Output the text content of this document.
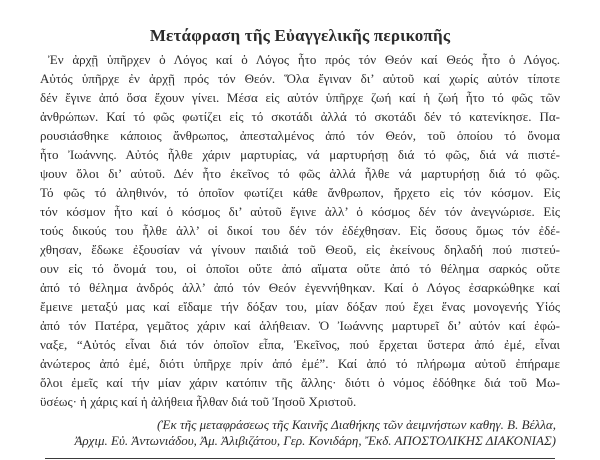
Μετάφραση τῆς Εὐαγγελικῆς περικοπῆς
Ἐν ἀρχῇ ὑπῆρχεν ὁ Λόγος καί ὁ Λόγος ἦτο πρός τόν Θεόν καί Θεός ἦτο ὁ Λόγος.
Αὐτός ὑπῆρχε ἐν ἀρχῇ πρός τόν Θεόν. Ὅλα ἔγιναν δι’ αὐτοῦ καί χωρίς αὐτόν τίποτε
δέν ἔγινε ἀπό ὅσα ἔχουν γίνει. Μέσα εἰς αὐτόν ὑπῆρχε ζωή καί ἡ ζωή ἦτο τό φῶς τῶν
ἀνθρώπων. Καί τό φῶς φωτίζει εἰς τό σκοτάδι ἀλλά τό σκοτάδι δέν τό κατενίκησε. Πα-
ρουσιάσθηκε κάποιος ἄνθρωπος, ἀπεσταλμένος ἀπό τόν Θεόν, τοῦ ὁποίου τό ὄνομα
ἦτο Ἰωάννης. Αὐτός ἦλθε χάριν μαρτυρίας, νά μαρτυρήσῃ διά τό φῶς, διά νά πιστέ-
ψουν ὅλοι δι’ αὐτοῦ. Δέν ἦτο ἐκεῖνος τό φῶς ἀλλά ἦλθε νά μαρτυρήσῃ διά τό φῶς.
Τό φῶς τό ἀληθινόν, τό ὁποῖον φωτίζει κάθε ἄνθρωπον, ἤρχετο εἰς τόν κόσμον. Εἰς
τόν κόσμον ἦτο καί ὁ κόσμος δι’ αὐτοῦ ἔγινε ἀλλ’ ὁ κόσμος δέν τόν ἀνεγνώρισε. Εἰς
τούς δικούς του ἦλθε ἀλλ’ οἱ δικοί του δέν τόν ἐδέχθησαν. Εἰς ὅσους ὅμως τόν ἐδέ-
χθησαν, ἔδωκε ἐξουσίαν νά γίνουν παιδιά τοῦ Θεοῦ, εἰς ἐκείνους δηλαδή πού πιστεύ-
ουν εἰς τό ὄνομά του, οἱ ὁποῖοι οὔτε ἀπό αἵματα οὔτε ἀπό τό θέλημα σαρκός οὔτε
ἀπό τό θέλημα ἀνδρός ἀλλ’ ἀπό τόν Θεόν ἐγεννήθηκαν. Καί ὁ Λόγος ἐσαρκώθηκε καί
ἔμεινε μεταξύ μας καί εἴδαμε τήν δόξαν του, μίαν δόξαν πού ἔχει ἕνας μονογενής Υἱός
ἀπό τόν Πατέρα, γεμᾶτος χάριν καί ἀλήθειαν. Ὁ Ἰωάννης μαρτυρεῖ δι’ αὐτόν καί ἐφώ-
ναξε, “Αὐτός εἶναι διά τόν ὁποῖον εἶπα, Ἐκεῖνος, πού ἔρχεται ὕστερα ἀπό ἐμέ, εἶναι
ἀνώτερος ἀπό ἐμέ, διότι ὑπῆρχε πρίν ἀπό ἐμέ”. Καί ἀπό τό πλήρωμα αὐτοῦ ἐπήραμε
ὅλοι ἐμεῖς καί τήν μίαν χάριν κατόπιν τῆς ἄλλης· διότι ὁ νόμος ἐδόθηκε διά τοῦ Μω-
ϋσέως· ἡ χάρις καί ἡ ἀλήθεια ἦλθαν διά τοῦ Ἰησοῦ Χριστοῦ.
(Ἐκ τῆς μεταφράσεως τῆς Καινῆς Διαθήκης τῶν ἀειμνήστων καθηγ. Β. Βέλλα,
Ἀρχιμ. Εὐ. Ἀντωνιάδου, Ἀμ. Ἀλιβιζάτου, Γερ. Κονιδάρη, Ἔκδ. ΑΠΟΣΤΟΛΙΚΗΣ ΔΙΑΚΟΝΙΑΣ)
